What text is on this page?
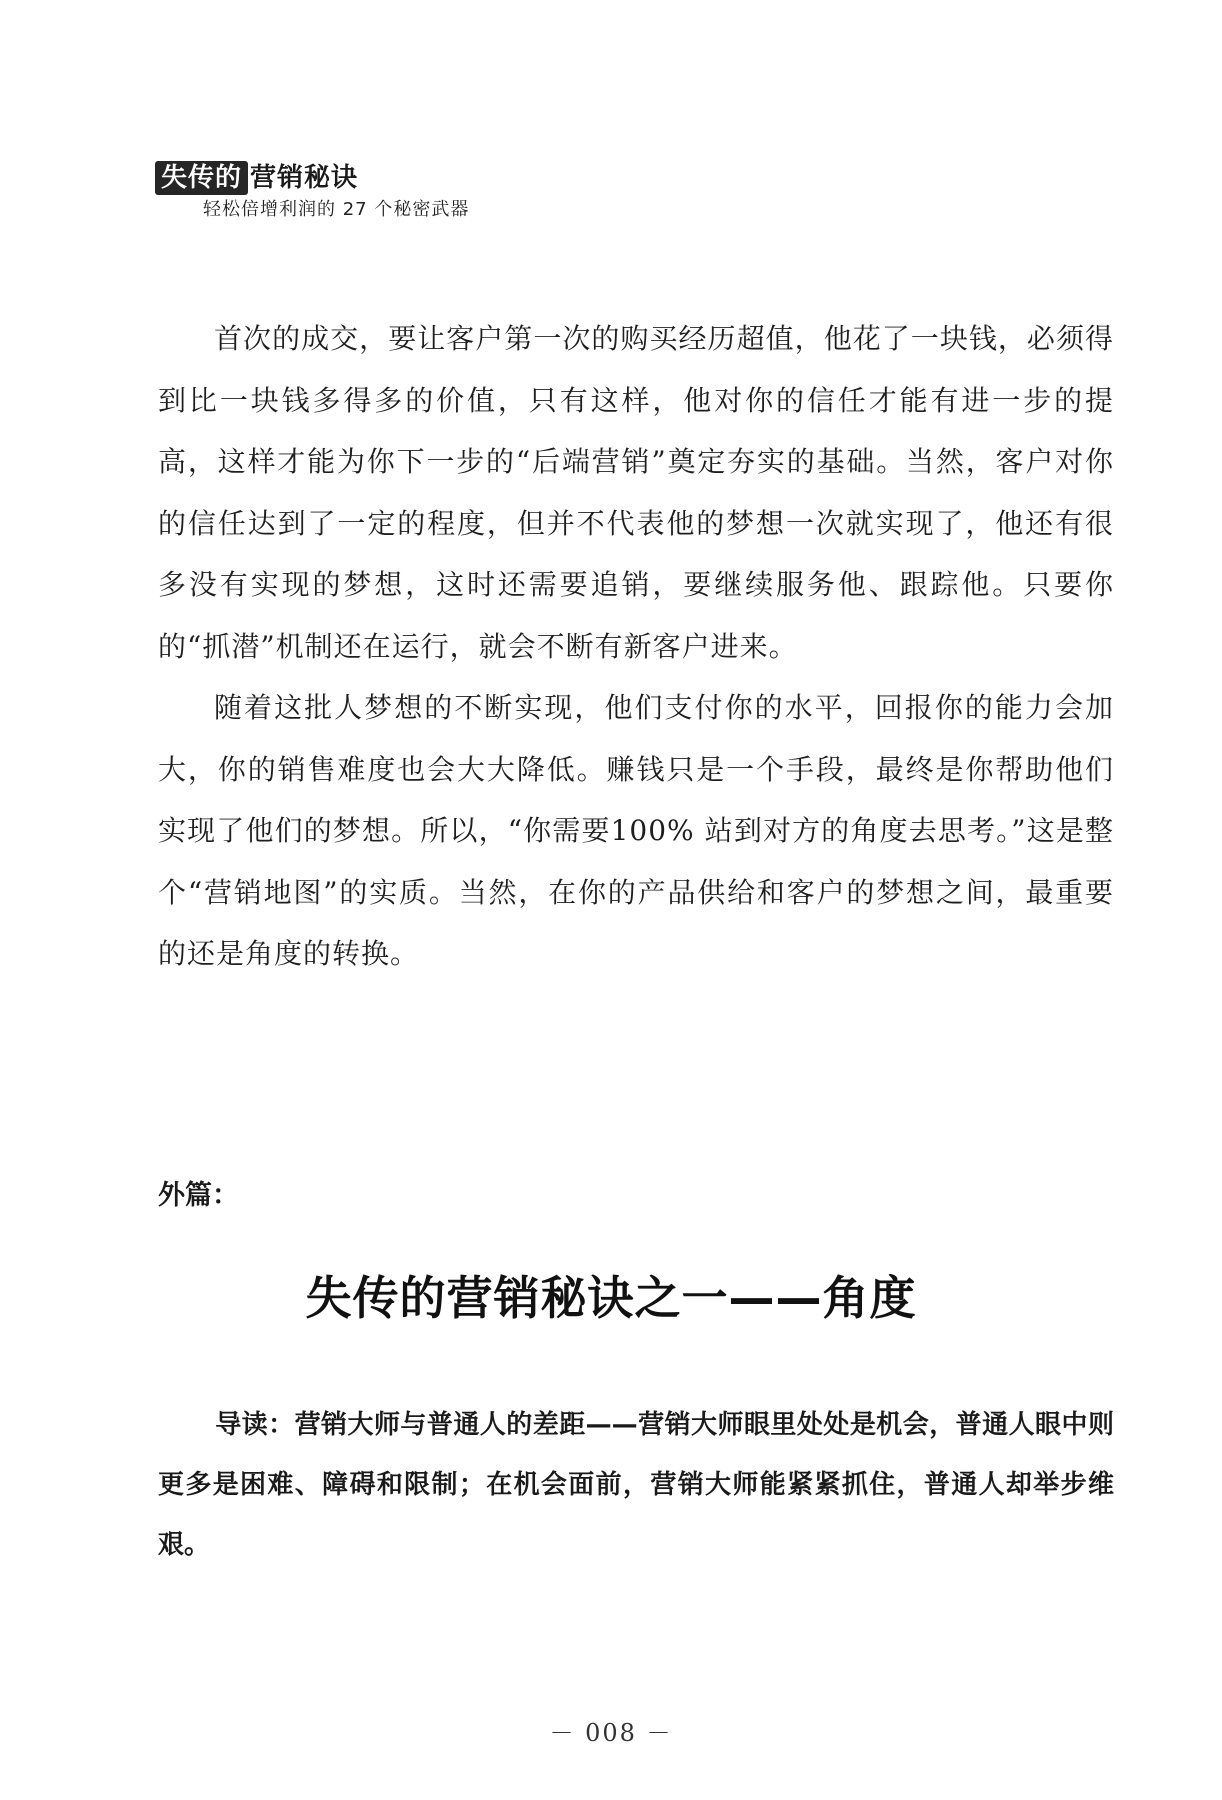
失传的 营销秘诀
轻松倍增利润的 27 个秘密武器

首次的成交，要让客户第一次的购买经历超值，他花了一块钱，必须得到比一块钱多得多的价值，只有这样，他对你的信任才能有进一步的提高，这样才能为你下一步的“后端营销”奠定夯实的基础。当然，客户对你的信任达到了一定的程度，但并不代表他的梦想一次就实现了，他还有很多没有实现的梦想，这时还需要追销，要继续服务他、跟踪他。只要你的“抓潜”机制还在运行，就会不断有新客户进来。

随着这批人梦想的不断实现，他们支付你的水平，回报你的能力会加大，你的销售难度也会大大降低。赚钱只是一个手段，最终是你帮助他们实现了他们的梦想。所以，“你需要100% 站到对方的角度去思考。”这是整个“营销地图”的实质。当然，在你的产品供给和客户的梦想之间，最重要的还是角度的转换。

外篇：
失传的营销秘诀之一——角度

导读：营销大师与普通人的差距——营销大师眼里处处是机会，普通人眼中则更多是困难、障碍和限制；在机会面前，营销大师能紧紧抓住，普通人却举步维艰。

－ 008 －
